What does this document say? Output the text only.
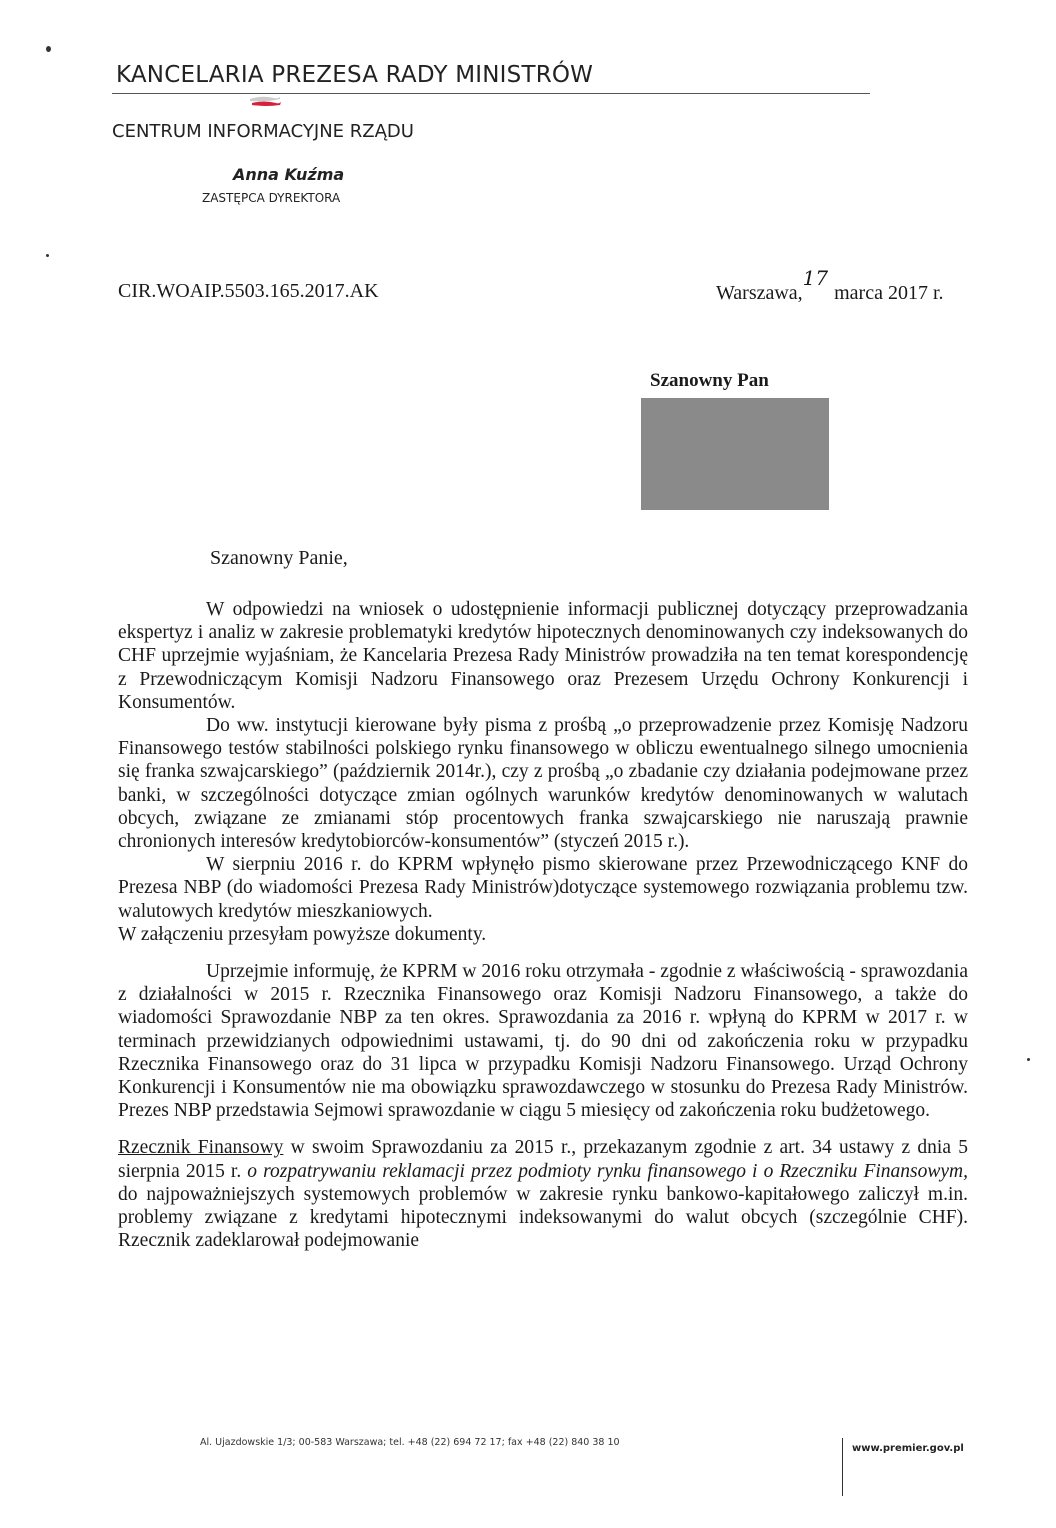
KANCELARIA PREZESA RADY MINISTRÓW
CENTRUM INFORMACYJNE RZĄDU
Anna Kuźma
ZASTĘPCA DYREKTORA
CIR.WOAIP.5503.165.2017.AK	Warszawa,17marca 2017 r.
Szanowny Pan
Szanowny Panie,

W odpowiedzi na wniosek o udostępnienie informacji publicznej dotyczący przeprowadzania ekspertyz i analiz w zakresie problematyki kredytów hipotecznych denominowanych czy indeksowanych do CHF uprzejmie wyjaśniam, że Kancelaria Prezesa Rady Ministrów prowadziła na ten temat korespondencję z Przewodniczącym Komisji Nadzoru Finansowego oraz Prezesem Urzędu Ochrony Konkurencji i Konsumentów.

Do ww. instytucji kierowane były pisma z prośbą „o przeprowadzenie przez Komisję Nadzoru Finansowego testów stabilności polskiego rynku finansowego w obliczu ewentualnego silnego umocnienia się franka szwajcarskiego” (październik 2014r.), czy z prośbą „o zbadanie czy działania podejmowane przez banki, w szczególności dotyczące zmian ogólnych warunków kredytów denominowanych w walutach obcych, związane ze zmianami stóp procentowych franka szwajcarskiego nie naruszają prawnie chronionych interesów kredytobiorców-konsumentów” (styczeń 2015 r.).

W sierpniu 2016 r. do KPRM wpłynęło pismo skierowane przez Przewodniczącego KNF do Prezesa NBP (do wiadomości Prezesa Rady Ministrów)dotyczące systemowego rozwiązania problemu tzw. walutowych kredytów mieszkaniowych.

W załączeniu przesyłam powyższe dokumenty.

Uprzejmie informuję, że KPRM w 2016 roku otrzymała - zgodnie z właściwością - sprawozdania z działalności w 2015 r. Rzecznika Finansowego oraz Komisji Nadzoru Finansowego, a także do wiadomości Sprawozdanie NBP za ten okres. Sprawozdania za 2016 r. wpłyną do KPRM w 2017 r. w terminach przewidzianych odpowiednimi ustawami, tj. do 90 dni od zakończenia roku w przypadku Rzecznika Finansowego oraz do 31 lipca w przypadku Komisji Nadzoru Finansowego. Urząd Ochrony Konkurencji i Konsumentów nie ma obowiązku sprawozdawczego w stosunku do Prezesa Rady Ministrów. Prezes NBP przedstawia Sejmowi sprawozdanie w ciągu 5 miesięcy od zakończenia roku budżetowego.

Rzecznik Finansowy w swoim Sprawozdaniu za 2015 r., przekazanym zgodnie z art. 34 ustawy z dnia 5 sierpnia 2015 r. o rozpatrywaniu reklamacji przez podmioty rynku finansowego i o Rzeczniku Finansowym, do najpoważniejszych systemowych problemów w zakresie rynku bankowo-kapitałowego zaliczył m.in. problemy związane z kredytami hipotecznymi indeksowanymi do walut obcych (szczególnie CHF). Rzecznik zadeklarował podejmowanie

Al. Ujazdowskie 1/3; 00-583 Warszawa; tel. +48 (22) 694 72 17; fax +48 (22) 840 38 10
www.premier.gov.pl
